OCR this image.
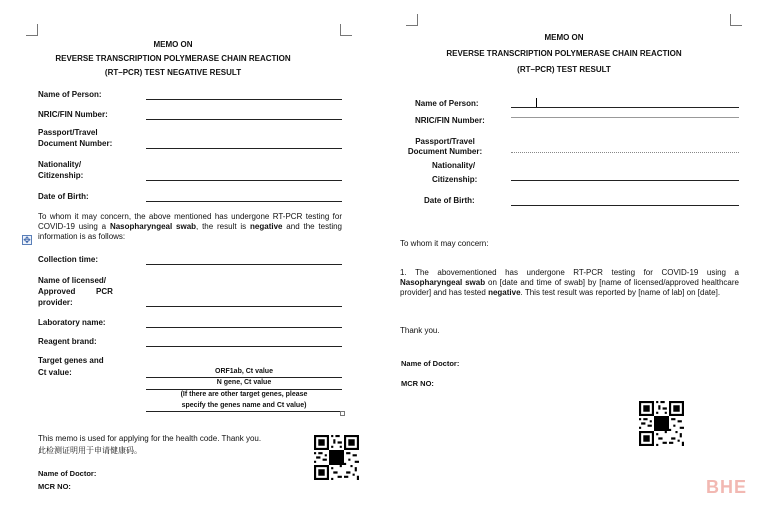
MEMO ON
REVERSE TRANSCRIPTION POLYMERASE CHAIN REACTION
(RT–PCR) TEST NEGATIVE RESULT
Name of Person:
NRIC/FIN Number:
Passport/Travel
Document Number:
Nationality/
Citizenship:
Date of Birth:
To whom it may concern, the above mentioned has undergone RT-PCR testing for COVID-19 using a Nasopharyngeal swab, the result is negative and the testing information is as follows:
✥
Collection time:
Name of licensed/
Approved	PCR
provider:
Laboratory name:
Reagent brand:
Target genes and
Ct value:	ORF1ab, Ct value
N gene, Ct value
(If there are other target genes, please
specify the genes name and Ct value)
This memo is used for applying for the health code. Thank you.
此检测证明用于申请健康码。
Name of Doctor:
MCR NO:
MEMO ON
REVERSE TRANSCRIPTION POLYMERASE CHAIN REACTION
(RT–PCR) TEST RESULT
Name of Person:
NRIC/FIN Number:
Passport/Travel
Document Number:
Nationality/
Citizenship:
Date of Birth:
To whom it may concern:
1. The abovementioned has undergone RT-PCR testing for COVID-19 using a Nasopharyngeal swab on [date and time of swab] by [name of licensed/approved healthcare provider] and has tested negative. This test result was reported by [name of lab] on [date].
Thank you.
Name of Doctor:
MCR NO:
BHE
